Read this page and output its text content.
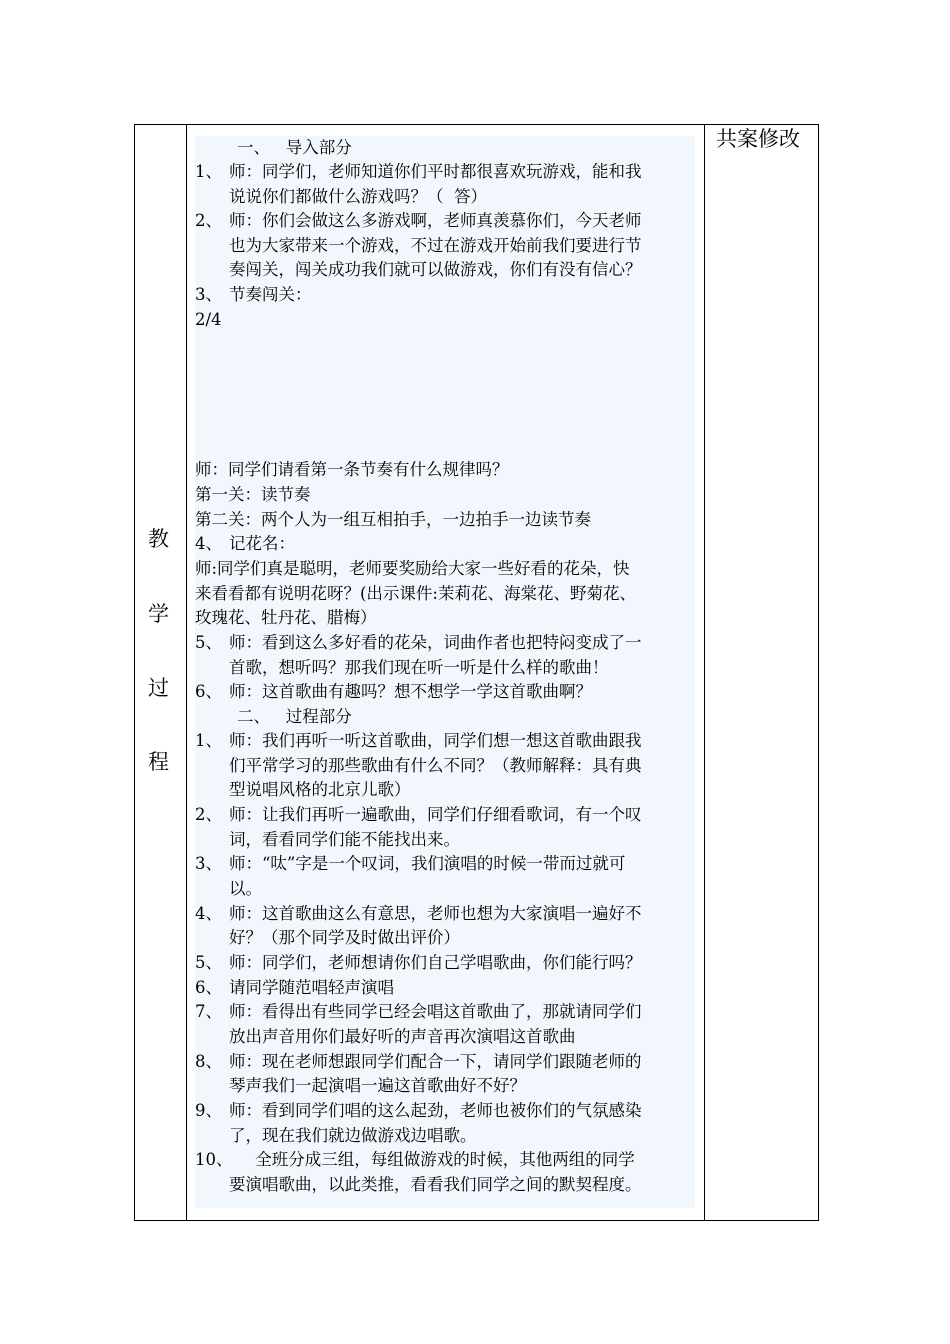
教
学
过
程
共案修改
一、   导入部分
1、 师：同学们，老师知道你们平时都很喜欢玩游戏，能和我
说说你们都做什么游戏吗？（  答）
2、 师：你们会做这么多游戏啊，老师真羡慕你们，今天老师
也为大家带来一个游戏，不过在游戏开始前我们要进行节
奏闯关，闯关成功我们就可以做游戏，你们有没有信心？
3、 节奏闯关：
2/4
师：同学们请看第一条节奏有什么规律吗？
第一关：读节奏
第二关：两个人为一组互相拍手，一边拍手一边读节奏
4、 记花名：
师:同学们真是聪明，老师要奖励给大家一些好看的花朵，快
来看看都有说明花呀？(出示课件:茉莉花、海棠花、野菊花、
玫瑰花、牡丹花、腊梅）
5、 师：看到这么多好看的花朵，词曲作者也把特闷变成了一
首歌，想听吗？那我们现在听一听是什么样的歌曲！
6、 师：这首歌曲有趣吗？想不想学一学这首歌曲啊？
二、   过程部分
1、 师：我们再听一听这首歌曲，同学们想一想这首歌曲跟我
们平常学习的那些歌曲有什么不同？（教师解释：具有典
型说唱风格的北京儿歌）
2、 师：让我们再听一遍歌曲，同学们仔细看歌词，有一个叹
词，看看同学们能不能找出来。
3、 师：“呔”字是一个叹词，我们演唱的时候一带而过就可
以。
4、 师：这首歌曲这么有意思，老师也想为大家演唱一遍好不
好？（那个同学及时做出评价）
5、 师：同学们，老师想请你们自己学唱歌曲，你们能行吗？
6、 请同学随范唱轻声演唱
7、 师：看得出有些同学已经会唱这首歌曲了，那就请同学们
放出声音用你们最好听的声音再次演唱这首歌曲
8、 师：现在老师想跟同学们配合一下，请同学们跟随老师的
琴声我们一起演唱一遍这首歌曲好不好？
9、 师：看到同学们唱的这么起劲，老师也被你们的气氛感染
了，现在我们就边做游戏边唱歌。
10、     全班分成三组，每组做游戏的时候，其他两组的同学
要演唱歌曲，以此类推，看看我们同学之间的默契程度。
